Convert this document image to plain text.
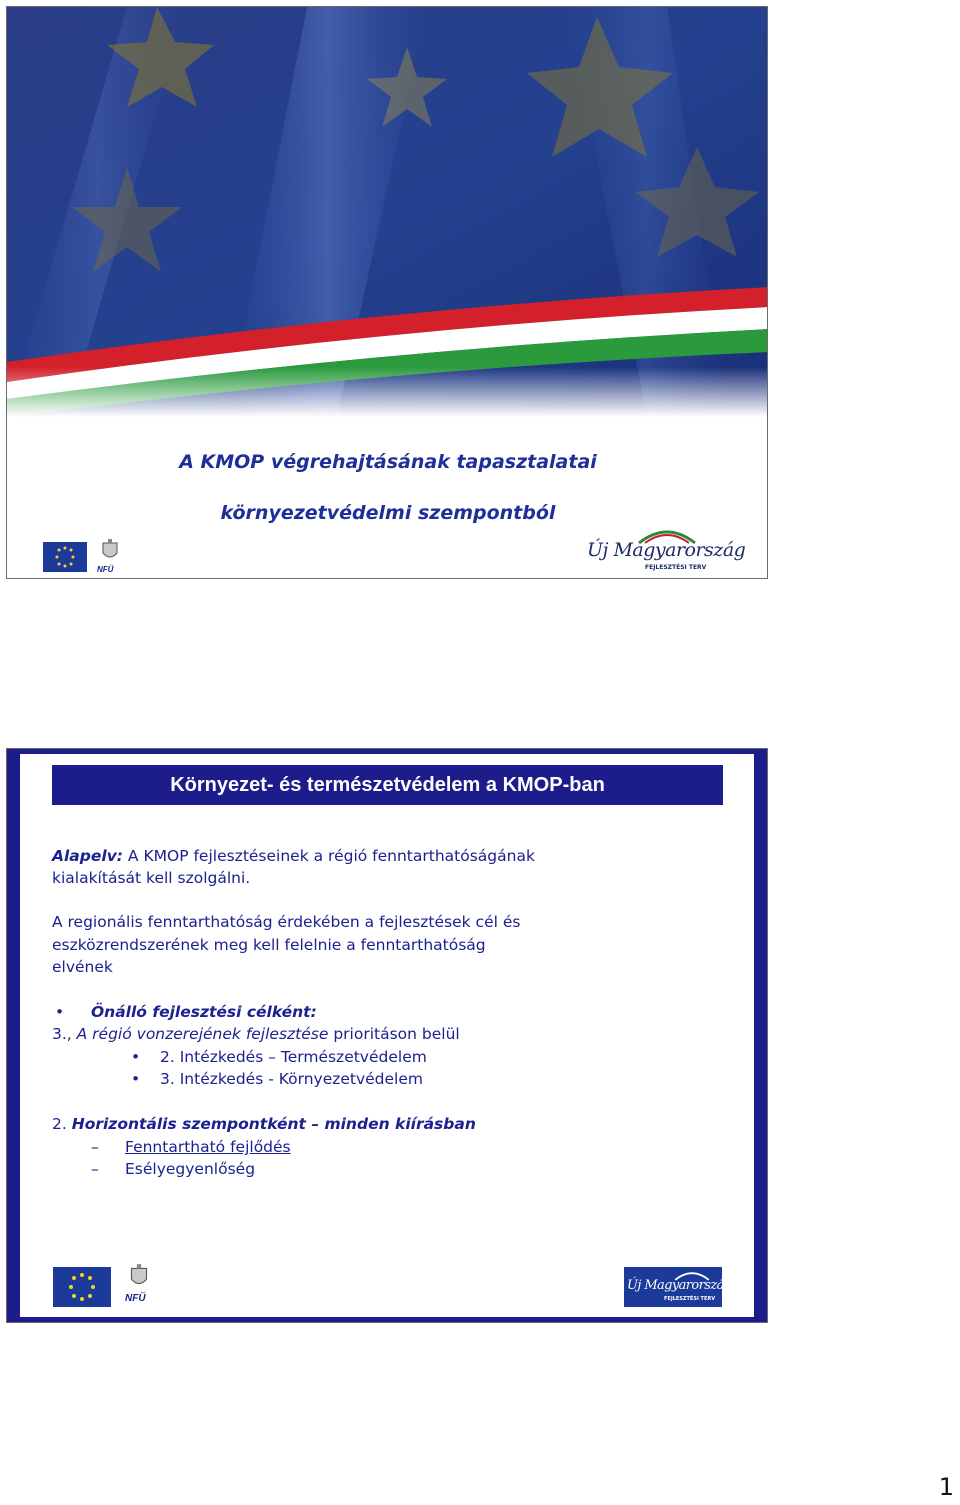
A KMOP végrehajtásának tapasztalatai
környezetvédelmi szempontból
NFÜ
Új Magyarország
FEJLESZTÉSI TERV
Környezet- és természetvédelem a KMOP-ban
Alapelv: A KMOP fejlesztéseinek a régió fenntarthatóságának
kialakítását kell szolgálni.
A regionális fenntarthatóság érdekében a fejlesztések cél és
eszközrendszerének meg kell felelnie a fenntarthatóság
elvének
• Önálló fejlesztési célként:
3., A régió vonzerejének fejlesztése prioritáson belül
• 2. Intézkedés – Természetvédelem
• 3. Intézkedés - Környezetvédelem
2. Horizontális szempontként – minden kiírásban
– Fenntartható fejlődés
– Esélyegyenlőség
NFÜ
Új Magyarország
FEJLESZTÉSI TERV
1
